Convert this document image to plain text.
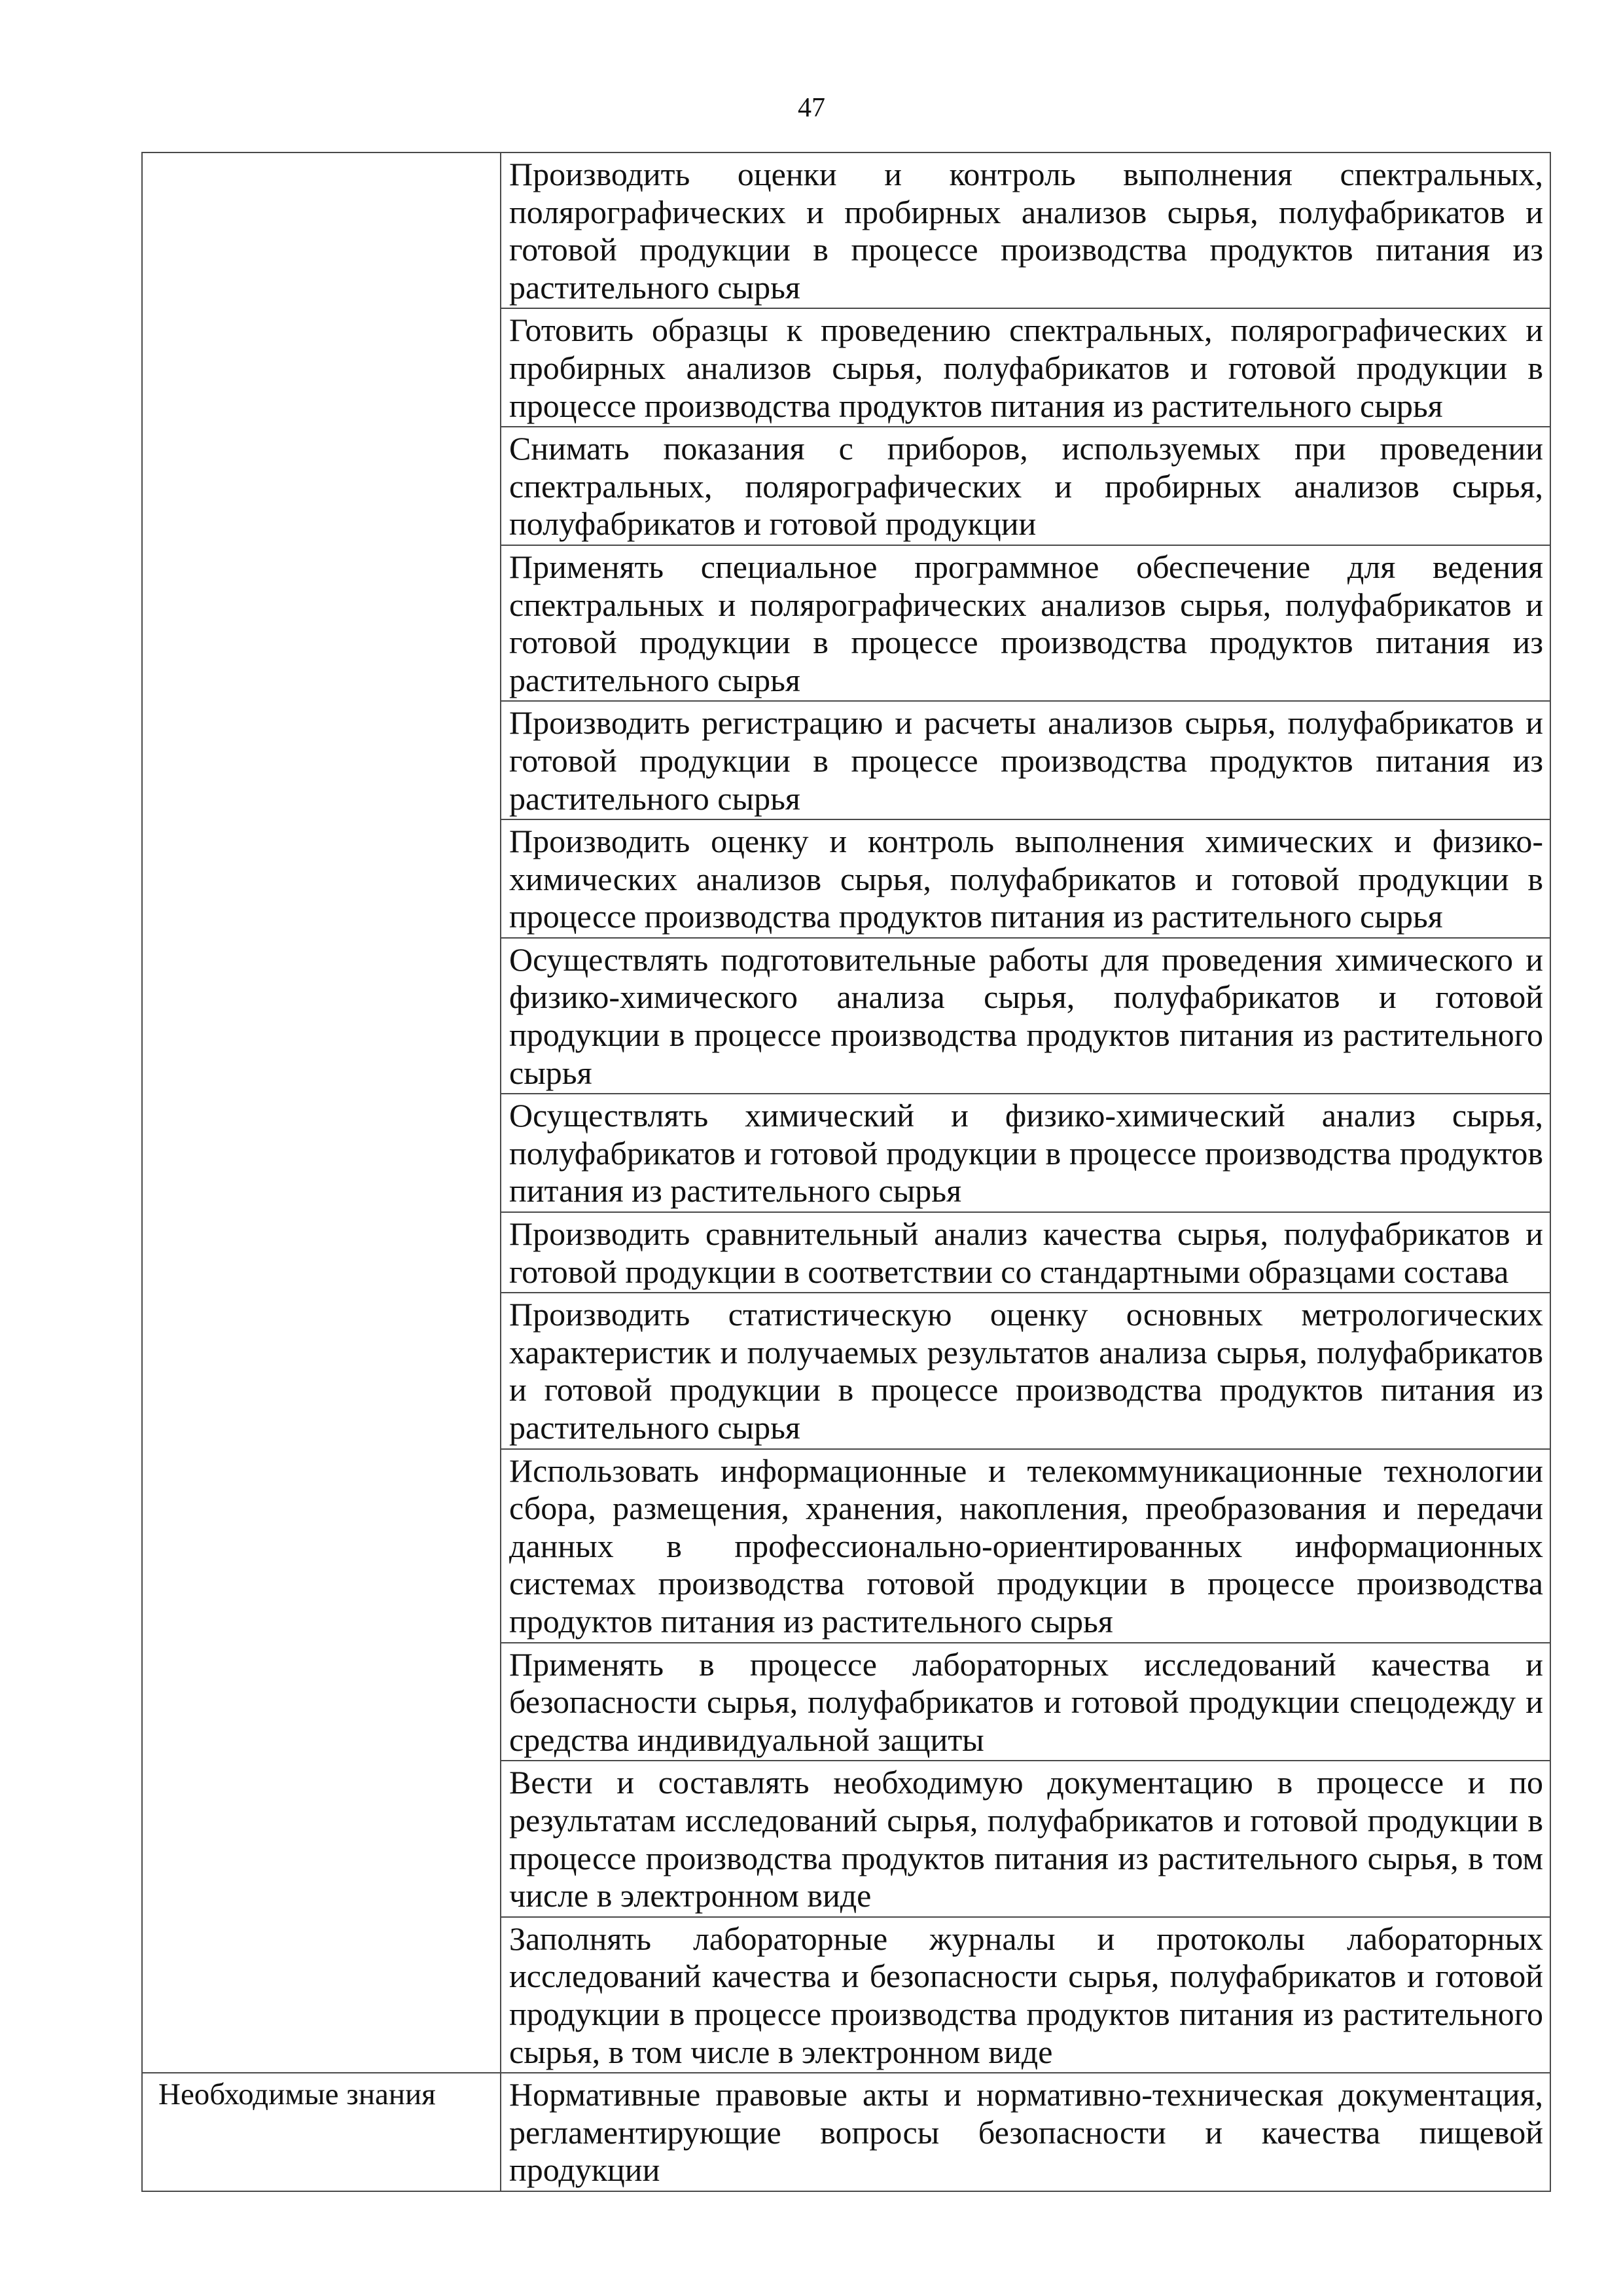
47

	Производить оценки и контроль выполнения спектральных, полярографических и пробирных анализов сырья, полуфабрикатов и готовой продукции в процессе производства продуктов питания из растительного сырья

	Готовить образцы к проведению спектральных, полярографических и пробирных анализов сырья, полуфабрикатов и готовой продукции в процессе производства продуктов питания из растительного сырья

	Снимать показания с приборов, используемых при проведении спектральных, полярографических и пробирных анализов сырья, полуфабрикатов и готовой продукции

	Применять специальное программное обеспечение для ведения спектральных и полярографических анализов сырья, полуфабрикатов и готовой продукции в процессе производства продуктов питания из растительного сырья

	Производить регистрацию и расчеты анализов сырья, полуфабрикатов и готовой продукции в процессе производства продуктов питания из растительного сырья

	Производить оценку и контроль выполнения химических и физико-химических анализов сырья, полуфабрикатов и готовой продукции в процессе производства продуктов питания из растительного сырья

	Осуществлять подготовительные работы для проведения химического и физико-химического анализа сырья, полуфабрикатов и готовой продукции в процессе производства продуктов питания из растительного сырья

	Осуществлять химический и физико-химический анализ сырья, полуфабрикатов и готовой продукции в процессе производства продуктов питания из растительного сырья

	Производить сравнительный анализ качества сырья, полуфабрикатов и готовой продукции в соответствии со стандартными образцами состава

	Производить статистическую оценку основных метрологических характеристик и получаемых результатов анализа сырья, полуфабрикатов и готовой продукции в процессе производства продуктов питания из растительного сырья

	Использовать информационные и телекоммуникационные технологии сбора, размещения, хранения, накопления, преобразования и передачи данных в профессионально-ориентированных информационных системах производства готовой продукции в процессе производства продуктов питания из растительного сырья

	Применять в процессе лабораторных исследований качества и безопасности сырья, полуфабрикатов и готовой продукции спецодежду и средства индивидуальной защиты

	Вести и составлять необходимую документацию в процессе и по результатам исследований сырья, полуфабрикатов и готовой продукции в процессе производства продуктов питания из растительного сырья, в том числе в электронном виде

	Заполнять лабораторные журналы и протоколы лабораторных исследований качества и безопасности сырья, полуфабрикатов и готовой продукции в процессе производства продуктов питания из растительного сырья, в том числе в электронном виде

Необходимые знания	Нормативные правовые акты и нормативно-техническая документация, регламентирующие вопросы безопасности и качества пищевой продукции
